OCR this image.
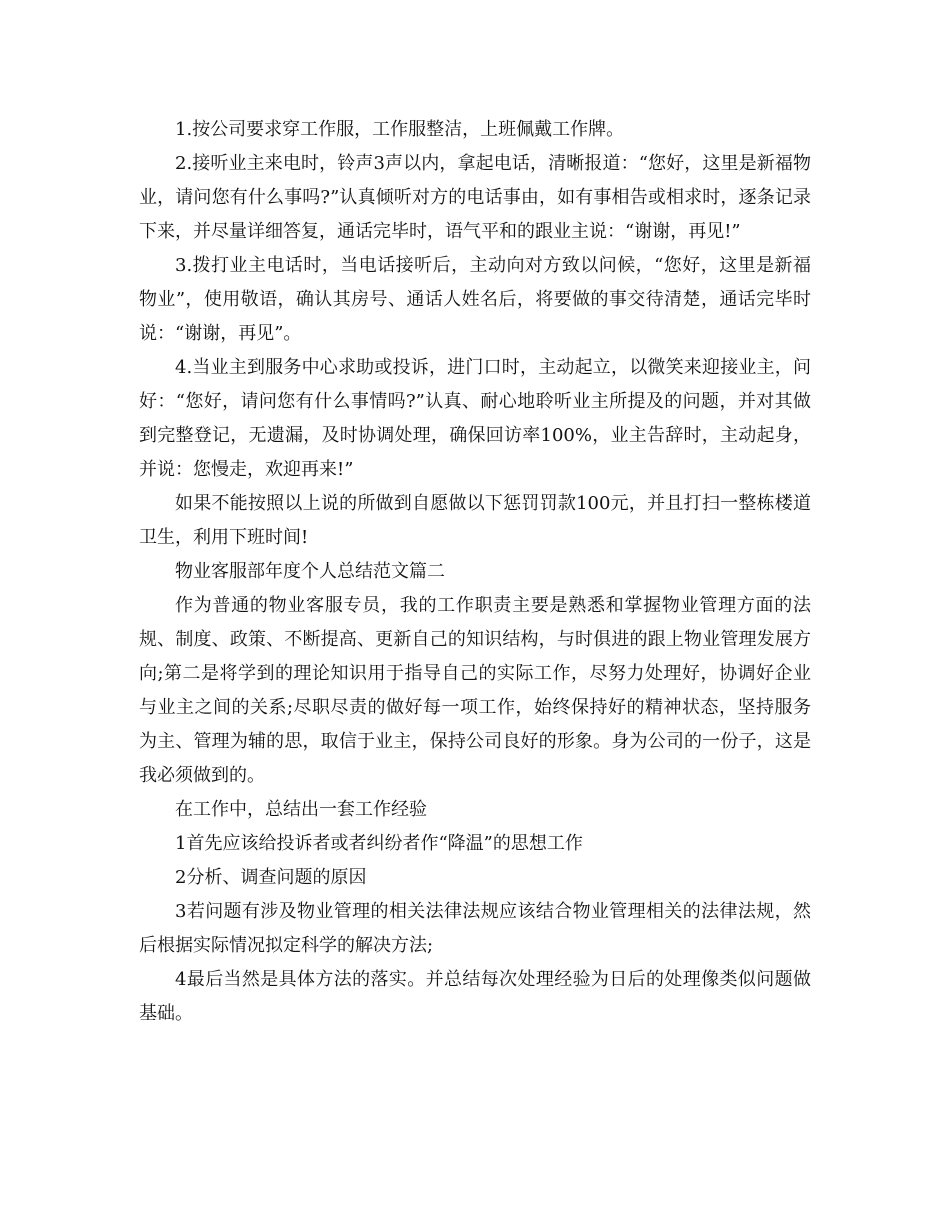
1.按公司要求穿工作服，工作服整洁，上班佩戴工作牌。

2.接听业主来电时，铃声3声以内，拿起电话，清晰报道：“您好，这里是新福物业，请问您有什么事吗?”认真倾听对方的电话事由，如有事相告或相求时，逐条记录下来，并尽量详细答复，通话完毕时，语气平和的跟业主说：“谢谢，再见!”

3.拨打业主电话时，当电话接听后，主动向对方致以问候，“您好，这里是新福物业”，使用敬语，确认其房号、通话人姓名后，将要做的事交待清楚，通话完毕时说：“谢谢，再见”。

4.当业主到服务中心求助或投诉，进门口时，主动起立，以微笑来迎接业主，问好：“您好，请问您有什么事情吗?”认真、耐心地聆听业主所提及的问题，并对其做到完整登记，无遗漏，及时协调处理，确保回访率100%，业主告辞时，主动起身，并说：您慢走，欢迎再来!”

如果不能按照以上说的所做到自愿做以下惩罚罚款100元，并且打扫一整栋楼道卫生，利用下班时间!

物业客服部年度个人总结范文篇二

作为普通的物业客服专员，我的工作职责主要是熟悉和掌握物业管理方面的法规、制度、政策、不断提高、更新自己的知识结构，与时俱进的跟上物业管理发展方向;第二是将学到的理论知识用于指导自己的实际工作，尽努力处理好，协调好企业与业主之间的关系;尽职尽责的做好每一项工作，始终保持好的精神状态，坚持服务为主、管理为辅的思，取信于业主，保持公司良好的形象。身为公司的一份子，这是我必须做到的。

在工作中，总结出一套工作经验

1首先应该给投诉者或者纠纷者作“降温”的思想工作

2分析、调查问题的原因

3若问题有涉及物业管理的相关法律法规应该结合物业管理相关的法律法规，然后根据实际情况拟定科学的解决方法;

4最后当然是具体方法的落实。并总结每次处理经验为日后的处理像类似问题做基础。
